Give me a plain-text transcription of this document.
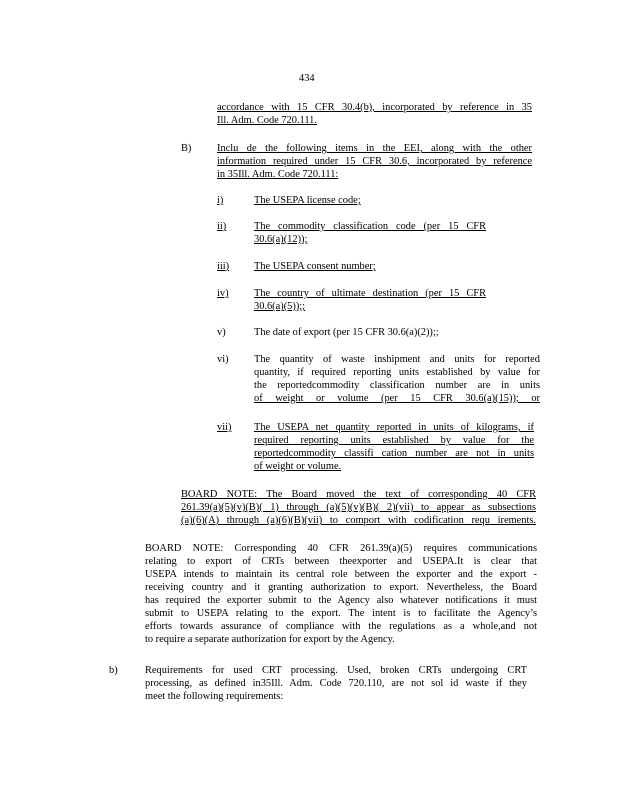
434
accordance with 15 CFR 30.4(b), incorporated by reference in 35
Ill. Adm. Code 720.111.
B) Inclu de the following items in the EEI, along with the other
information required under 15 CFR 30.6, incorporated by reference
in 35Ill. Adm. Code 720.111:
i)	The USEPA license code;
ii)	The commodity classification code (per 15 CFR
30.6(a)(12));
iii) The USEPA consent number;
iv) The country of ultimate destination (per 15 CFR
30.6(a)(5));;
v)	The date of export (per 15 CFR 30.6(a)(2));;
vi) The quantity of waste inshipment and units for reported
quantity, if required reporting units established by value for
the reportedcommodity classification number are in units
of weight or volume (per 15 CFR 30.6(a)(15)); or
vii) The USEPA net quantity reported in units of kilograms, if
required reporting units established by value for the
reportedcommodity classifi cation number are not in units
of weight or volume.
BOARD NOTE: The Board moved the text of corresponding 40 CFR
261.39(a)(5)(v)(B)( 1) through (a)(5)(v)(B)( 2)(vii) to appear as subsections
(a)(6)(A) through (a)(6)(B)(vii) to comport with codification requ irements.
BOARD NOTE: Corresponding 40 CFR 261.39(a)(5) requires communications
relating to export of CRTs between theexporter and USEPA.It is clear that
USEPA intends to maintain its central role between the exporter and the export -
receiving country and it granting authorization to export. Nevertheless, the Board
has required the exporter submit to the Agency also whatever notifications it must
submit to USEPA relating to the export. The intent is to facilitate the Agency’s
efforts towards assurance of compliance with the regulations as a whole,and not
to require a separate authorization for export by the Agency.
b)	Requirements for used CRT processing. Used, broken CRTs undergoing CRT
processing, as defined in35Ill. Adm. Code 720.110, are not sol id waste if they
meet the following requirements:
